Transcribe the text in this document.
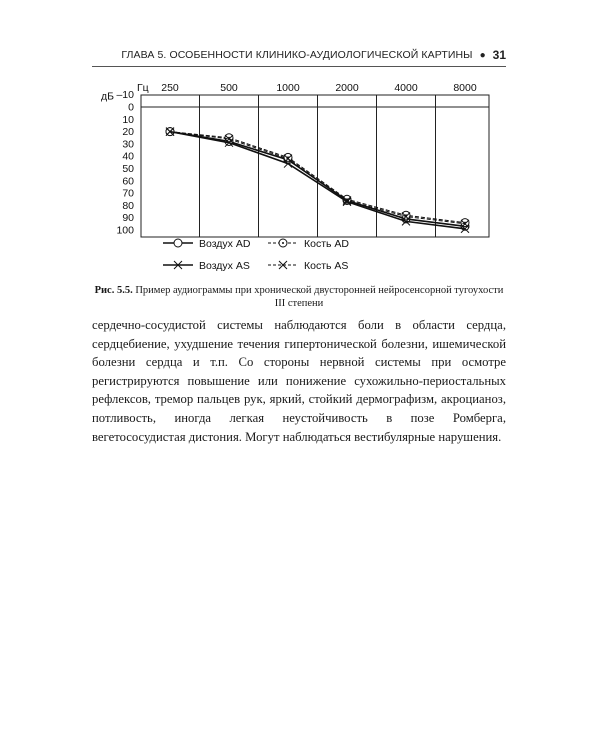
ГЛАВА 5. ОСОБЕННОСТИ КЛИНИКО-АУДИОЛОГИЧЕСКОЙ КАРТИНЫ ● 31
Гц
дБ
250	500	1000	2000	4000	8000
–10
0
10
20
30
40
50
60
70
80
90
100
Воздух AD	Кость AD
Воздух AS	Кость AS
Рис. 5.5. Пример аудиограммы при хронической двусторонней нейросенсорной тугоухости III степени

сердечно-сосудистой системы наблюдаются боли в области сердца, сердцебиение, ухудшение течения гипертонической болезни, ишемической болезни сердца и т.п. Со стороны нервной системы при осмотре регистрируются повышение или понижение сухожильно-периостальных рефлексов, тремор пальцев рук, яркий, стойкий дермографизм, акроцианоз, потливость, иногда легкая неустойчивость в позе Ромберга, вегетососудистая дистония. Могут наблюдаться вестибулярные нарушения.
